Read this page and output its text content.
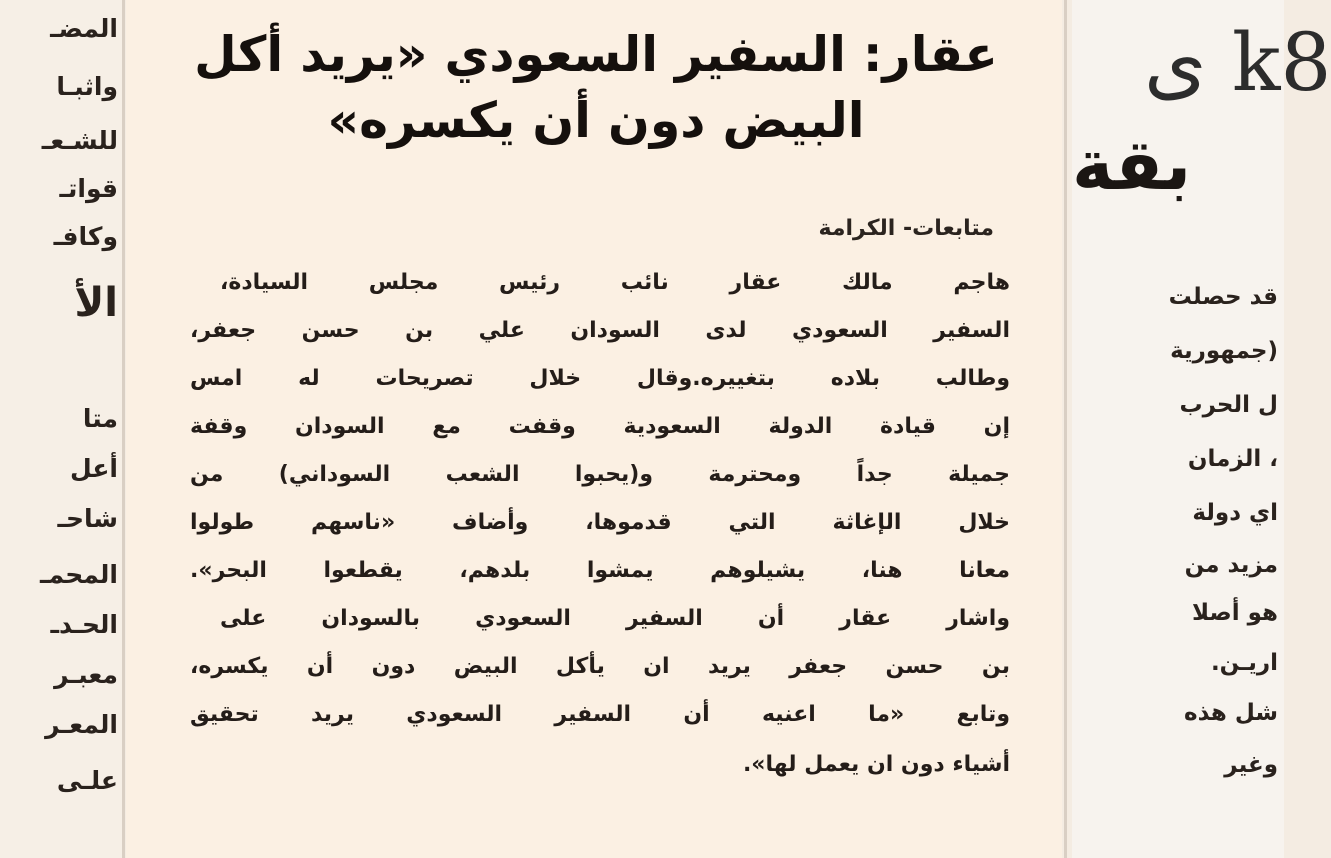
المضـ
واثبـا
للشـعـ
قواتـ
وكافـ
الأ
متا
أعل
شاحـ
المحمـ
الحـدـ
معبـر
المعـر
علـى
عقار: السفير السعودي «يريد أكل
البيض دون أن يكسره»
متابعات- الكرامة
هاجم مالك عقار نائب رئيس مجلس السيادة،
السفير السعودي لدى السودان علي بن حسن جعفر،
وطالب بلاده بتغييره.وقال خلال تصريحات له امس
إن قيادة الدولة السعودية وقفت مع السودان وقفة
جميلة جداً ومحترمة و(يحبوا الشعب السوداني) من
خلال الإغاثة التي قدموها، وأضاف «ناسهم طولوا
معانا هنا، يشيلوهم يمشوا بلدهم، يقطعوا البحر».
واشار عقار أن السفير السعودي بالسودان على
بن حسن جعفر يريد ان يأكل البيض دون أن يكسره،
وتابع «ما اعنيه أن السفير السعودي يريد تحقيق
أشياء دون ان يعمل لها».
k8 ى
بقة
قد حصلت
(جمهورية
ل الحرب
، الزمان
اي دولة
مزيد من
هو أصلا
اريـن.
شل هذه
وغير
